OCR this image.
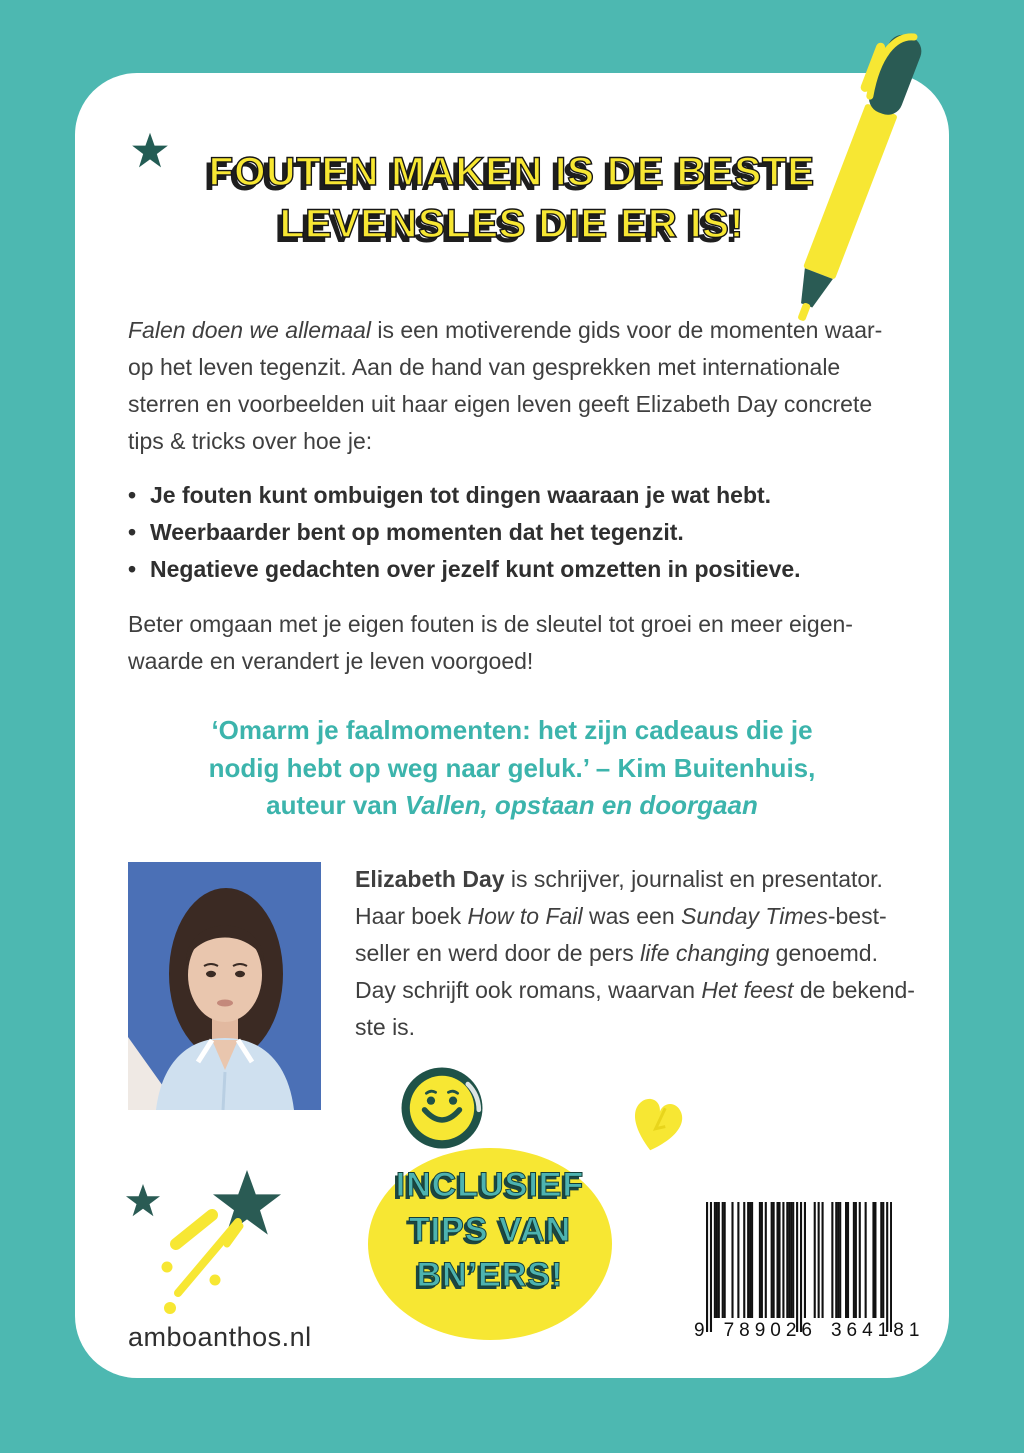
FOUTEN MAKEN IS DE BESTE
LEVENSLES DIE ER IS!
Falen doen we allemaal is een motiverende gids voor de momenten waar-
op het leven tegenzit. Aan de hand van gesprekken met internationale
sterren en voorbeelden uit haar eigen leven geeft Elizabeth Day concrete
tips & tricks over hoe je:
• Je fouten kunt ombuigen tot dingen waaraan je wat hebt.
• Weerbaarder bent op momenten dat het tegenzit.
• Negatieve gedachten over jezelf kunt omzetten in positieve.
Beter omgaan met je eigen fouten is de sleutel tot groei en meer eigen-
waarde en verandert je leven voorgoed!
‘Omarm je faalmomenten: het zijn cadeaus die je
nodig hebt op weg naar geluk.’ – Kim Buitenhuis,
auteur van Vallen, opstaan en doorgaan
Elizabeth Day is schrijver, journalist en presentator.
Haar boek How to Fail was een Sunday Times-best-
seller en werd door de pers life changing genoemd.
Day schrijft ook romans, waarvan Het feest de bekend-
ste is.
INCLUSIEF
TIPS VAN
BN’ERS!
9 789026 364181
amboanthos.nl
